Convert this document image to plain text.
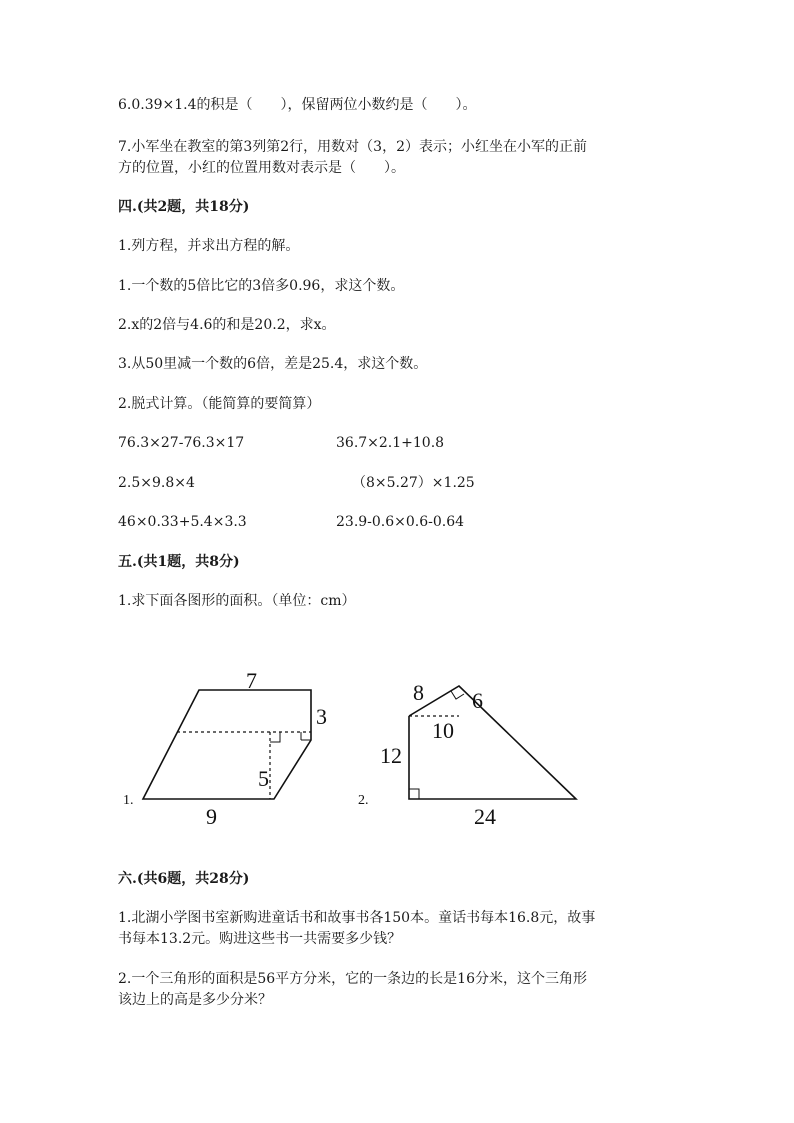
6.0.39×1.4的积是（　　），保留两位小数约是（　　）。
7.小军坐在教室的第3列第2行，用数对（3，2）表示；小红坐在小军的正前
方的位置，小红的位置用数对表示是（　　）。
四.(共2题，共18分)
1.列方程，并求出方程的解。
1.一个数的5倍比它的3倍多0.96，求这个数。
2.x的2倍与4.6的和是20.2，求x。
3.从50里减一个数的6倍，差是25.4，求这个数。
2.脱式计算。（能简算的要简算）
76.3×27-76.3×17	36.7×2.1+10.8
2.5×9.8×4	（8×5.27）×1.25
46×0.33+5.4×3.3	23.9-0.6×0.6-0.64
五.(共1题，共8分)
1.求下面各图形的面积。（单位：cm）
1.
7
3
5
9
2.
8 6
10
12
24
六.(共6题，共28分)
1.北湖小学图书室新购进童话书和故事书各150本。童话书每本16.8元，故事
书每本13.2元。购进这些书一共需要多少钱？
2.一个三角形的面积是56平方分米，它的一条边的长是16分米，这个三角形
该边上的高是多少分米？
